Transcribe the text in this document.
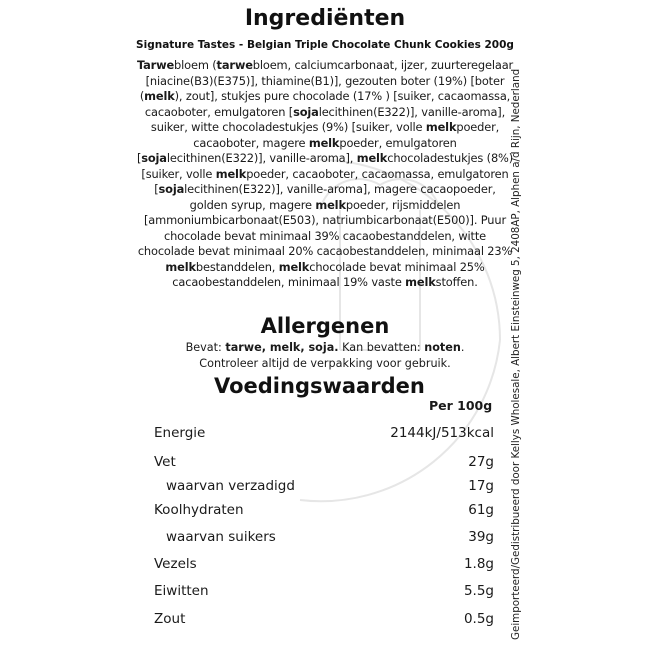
Ingrediënten
Signature Tastes - Belgian Triple Chocolate Chunk Cookies 200g
Tarwebloem (tarwebloem, calciumcarbonaat, ijzer, zuurteregelaar [niacine(B3)(E375)], thiamine(B1)], gezouten boter (19%) [boter (melk), zout], stukjes pure chocolade (17% ) [suiker, cacaomassa, cacaoboter, emulgatoren [sojalecithinen(E322)], vanille-aroma], suiker, witte chocoladestukjes (9%) [suiker, volle melkpoeder, cacaoboter, magere melkpoeder, emulgatoren [sojalecithinen(E322)], vanille-aroma], melkchocoladestukjes (8%) [suiker, volle melkpoeder, cacaoboter, cacaomassa, emulgatoren [sojalecithinen(E322)], vanille-aroma], magere cacaopoeder, golden syrup, magere melkpoeder, rijsmiddelen [ammoniumbicarbonaat(E503), natriumbicarbonaat(E500)]. Puur chocolade bevat minimaal 39% cacaobestanddelen, witte chocolade bevat minimaal 20% cacaobestanddelen, minimaal 23% melkbestanddelen, melkchocolade bevat minimaal 25% cacaobestanddelen, minimaal 19% vaste melkstoffen.
Allergenen
Bevat: tarwe, melk, soja. Kan bevatten: noten.
Controleer altijd de verpakking voor gebruik.
Voedingswaarden
Per 100g
Energie	2144kJ/513kcal
Vet	27g
waarvan verzadigd	17g
Koolhydraten	61g
waarvan suikers	39g
Vezels	1.8g
Eiwitten	5.5g
Zout	0.5g Geimporteerd/Gedistribueerd door Kellys Wholesale, Albert Einsteinweg 5, 2408AP, Alphen a/d Rijn, Nederland
